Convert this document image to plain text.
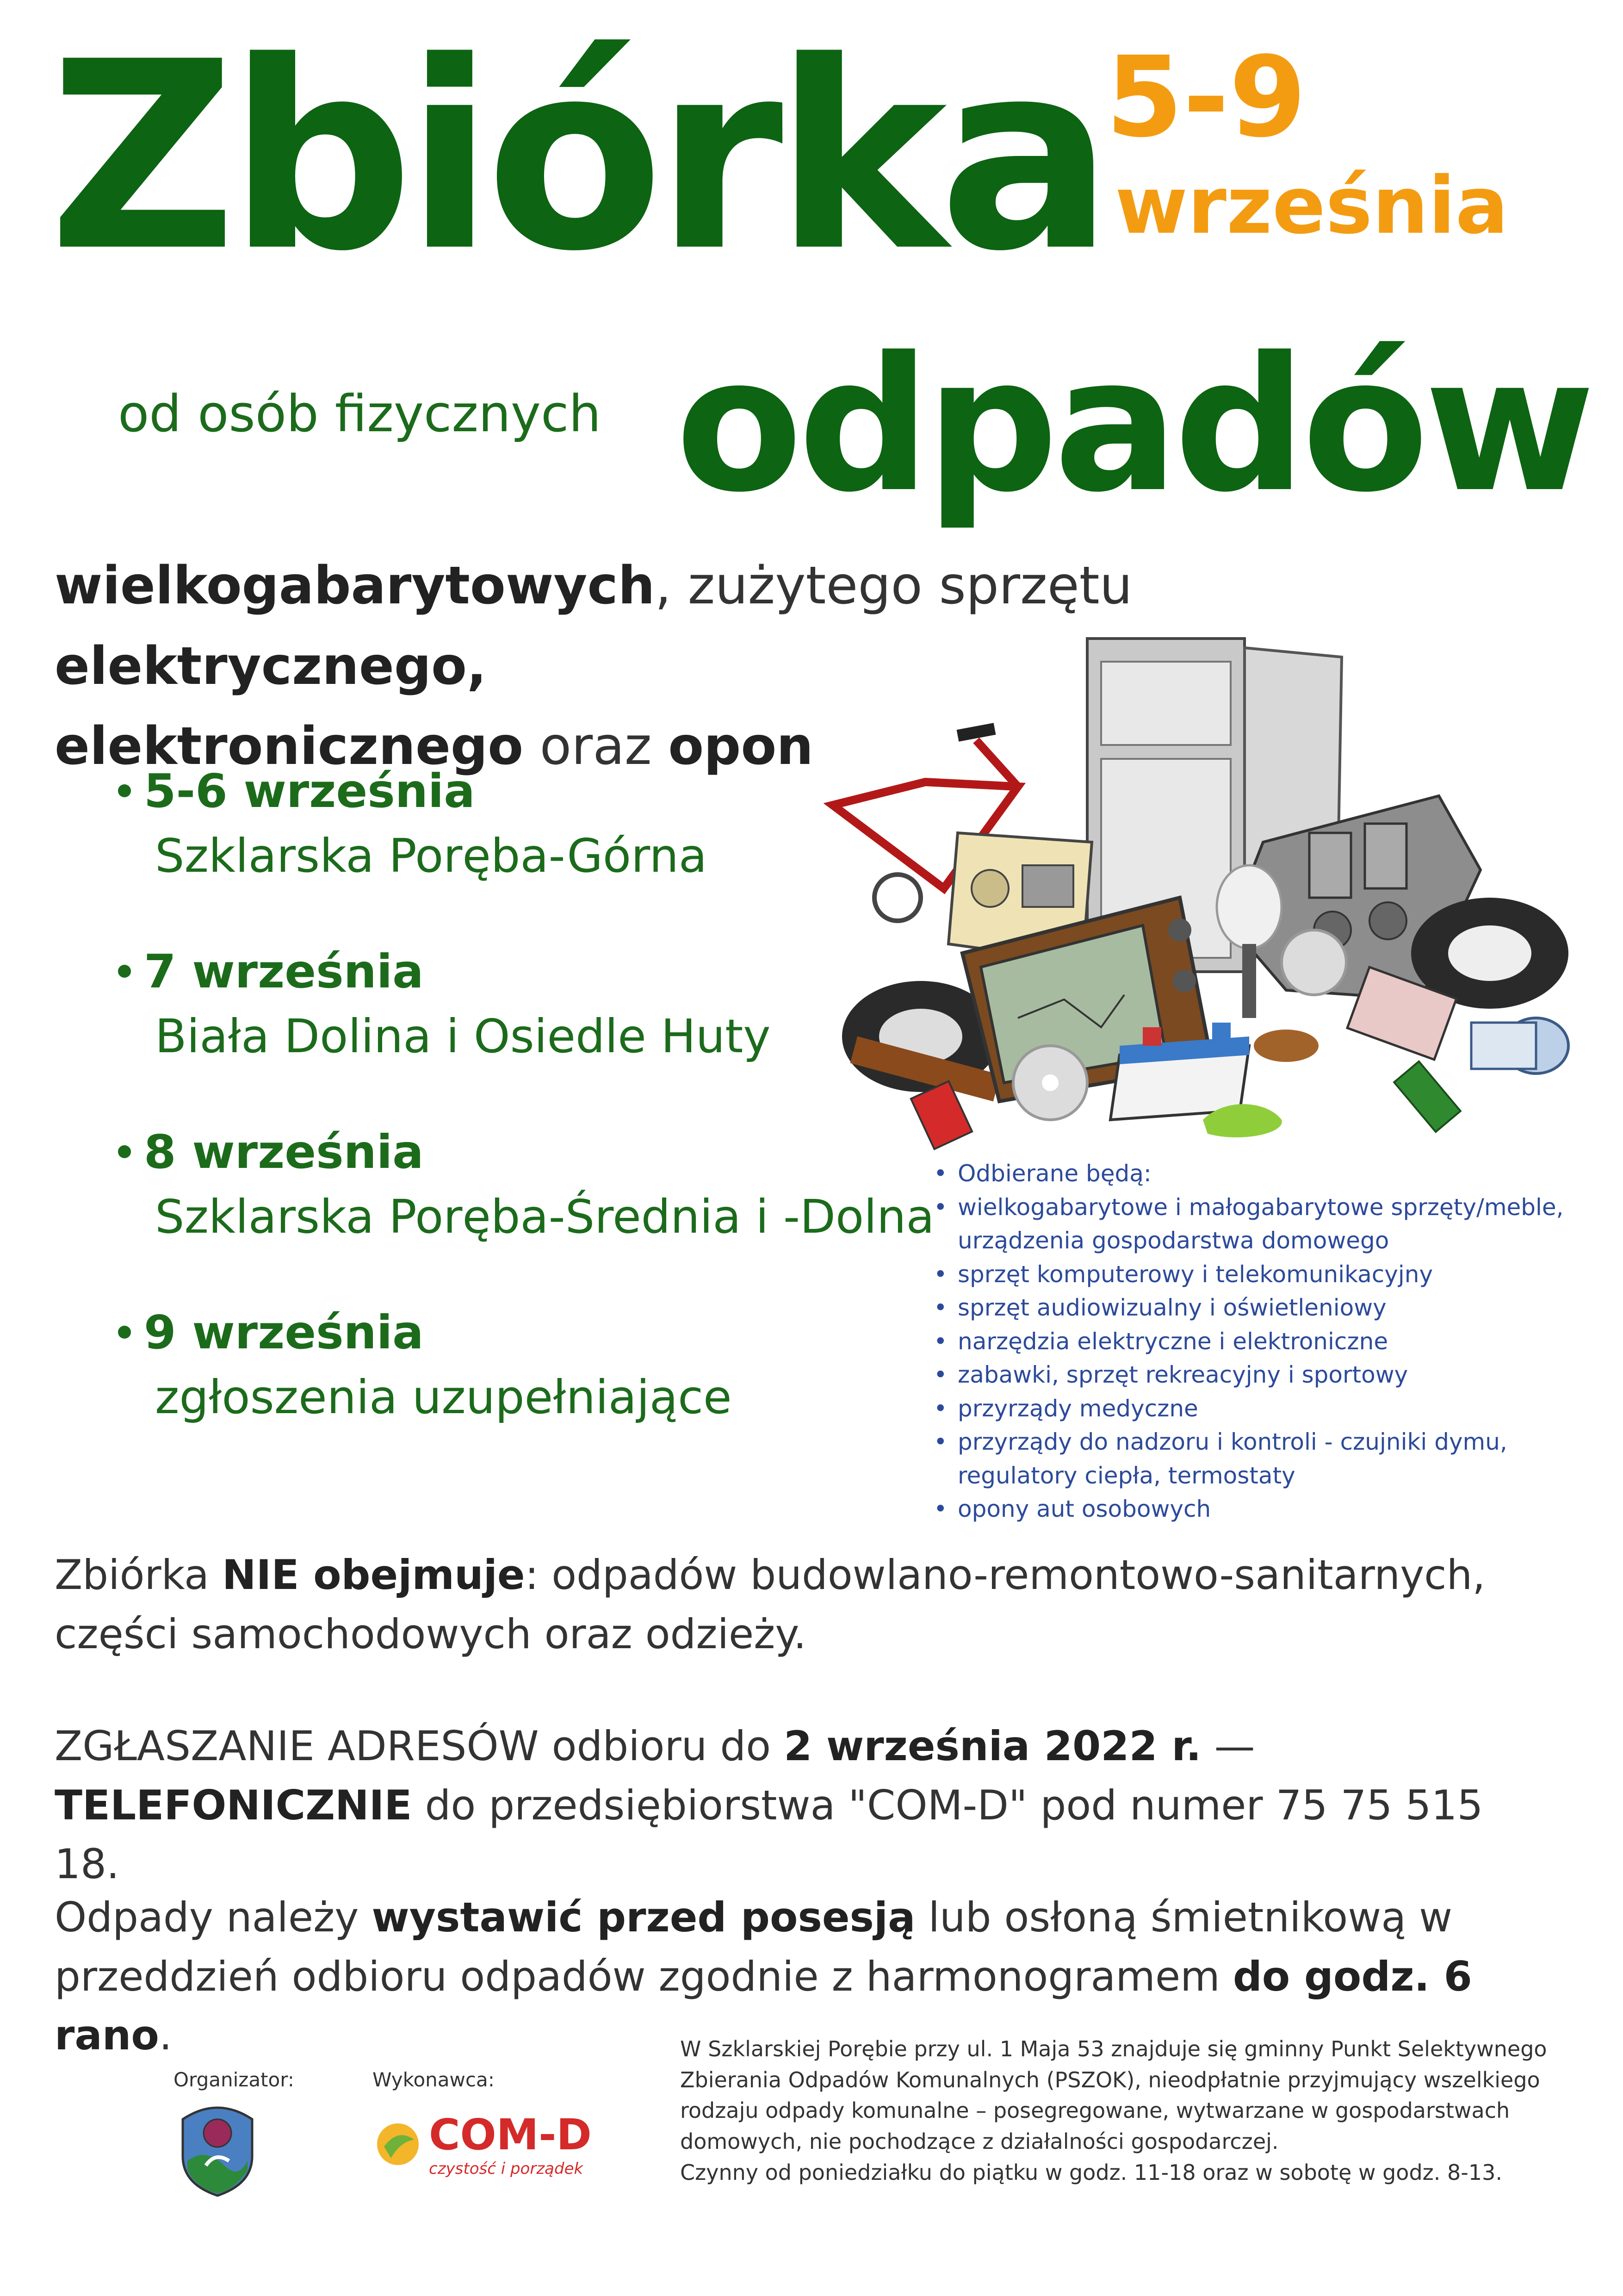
Zbiórka 5-9
września
od osób fizycznych odpadów
wielkogabarytowych, zużytego sprzętu elektrycznego,
elektronicznego oraz opon
5-6 września
Szklarska Poręba-Górna
7 września
Biała Dolina i Osiedle Huty
8 września
Szklarska Poręba-Średnia i -Dolna
9 września
zgłoszenia uzupełniające
• Odbierane będą:
• wielkogabarytowe i małogabarytowe sprzęty/meble, urządzenia gospodarstwa domowego
• sprzęt komputerowy i telekomunikacyjny
• sprzęt audiowizualny i oświetleniowy
• narzędzia elektryczne i elektroniczne
• zabawki, sprzęt rekreacyjny i sportowy
• przyrządy medyczne
• przyrządy do nadzoru i kontroli - czujniki dymu, regulatory ciepła, termostaty
• opony aut osobowych
Zbiórka NIE obejmuje: odpadów budowlano-remontowo-sanitarnych, części samochodowych oraz odzieży.
ZGŁASZANIE ADRESÓW odbioru do 2 września 2022 r. — TELEFONICZNIE do przedsiębiorstwa "COM-D" pod numer 75 75 515 18.
Odpady należy wystawić przed posesją lub osłoną śmietnikową w przeddzień odbioru odpadów zgodnie z harmonogramem do godz. 6 rano.
Organizator:	Wykonawca:
COM-D
czystość i porządek
W Szklarskiej Porębie przy ul. 1 Maja 53 znajduje się gminny Punkt Selektywnego Zbierania Odpadów Komunalnych (PSZOK), nieodpłatnie przyjmujący wszelkiego rodzaju odpady komunalne – posegregowane, wytwarzane w gospodarstwach domowych, nie pochodzące z działalności gospodarczej.
Czynny od poniedziałku do piątku w godz. 11-18 oraz w sobotę w godz. 8-13.
